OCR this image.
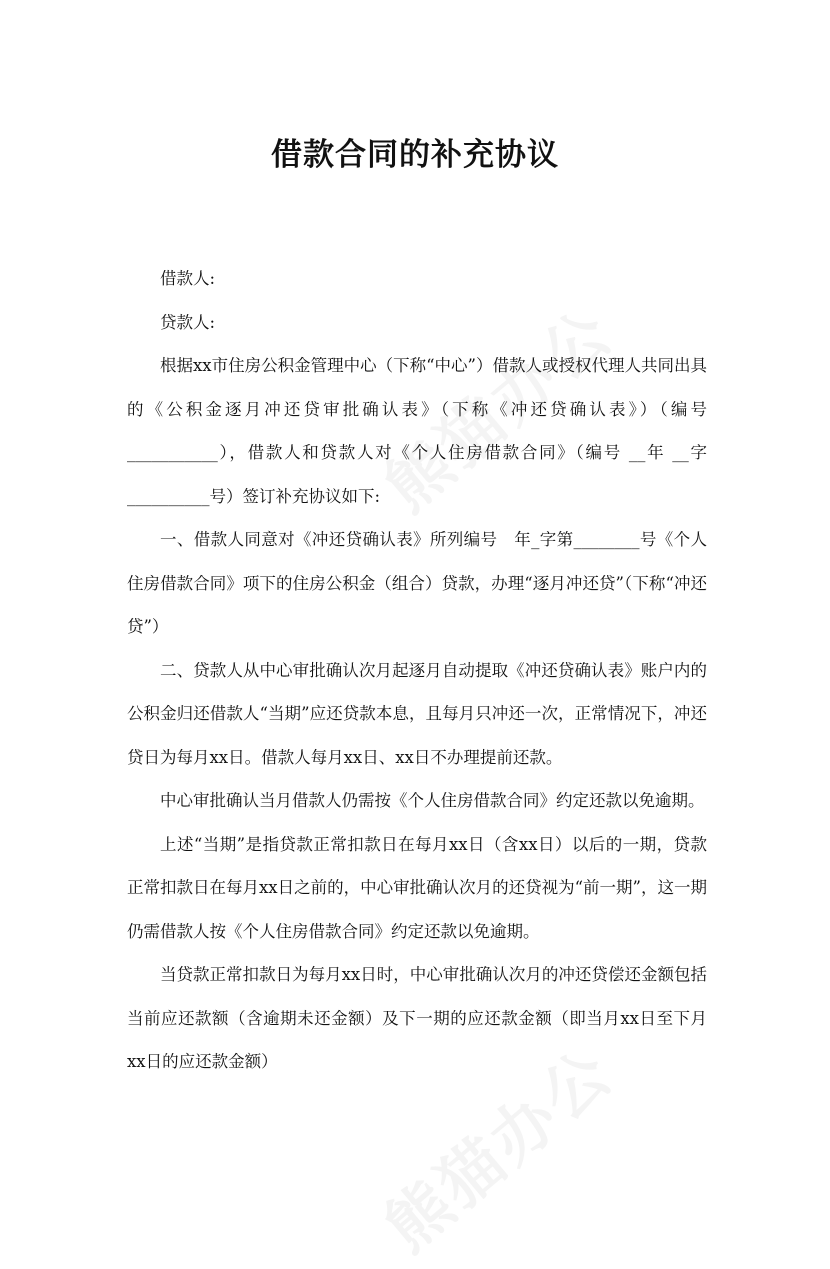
借款合同的补充协议

借款人:

贷款人:

根据xx市住房公积金管理中心（下称“中心”）借款人或授权代理人共同出具的《公积金逐月冲还贷审批确认表》（下称《冲还贷确认表》）（编号___________），借款人和贷款人对《个人住房借款合同》（编号 __年 __字__________号）签订补充协议如下:

一、借款人同意对《冲还贷确认表》所列编号　年_字第________号《个人住房借款合同》项下的住房公积金（组合）贷款，办理“逐月冲还贷”（下称“冲还贷”）

二、贷款人从中心审批确认次月起逐月自动提取《冲还贷确认表》账户内的公积金归还借款人“当期”应还贷款本息，且每月只冲还一次，正常情况下，冲还贷日为每月xx日。借款人每月xx日、xx日不办理提前还款。

中心审批确认当月借款人仍需按《个人住房借款合同》约定还款以免逾期。

上述“当期”是指贷款正常扣款日在每月xx日（含xx日）以后的一期，贷款正常扣款日在每月xx日之前的，中心审批确认次月的还贷视为“前一期”，这一期仍需借款人按《个人住房借款合同》约定还款以免逾期。

当贷款正常扣款日为每月xx日时，中心审批确认次月的冲还贷偿还金额包括当前应还款额（含逾期未还金额）及下一期的应还款金额（即当月xx日至下月xx日的应还款金额）
